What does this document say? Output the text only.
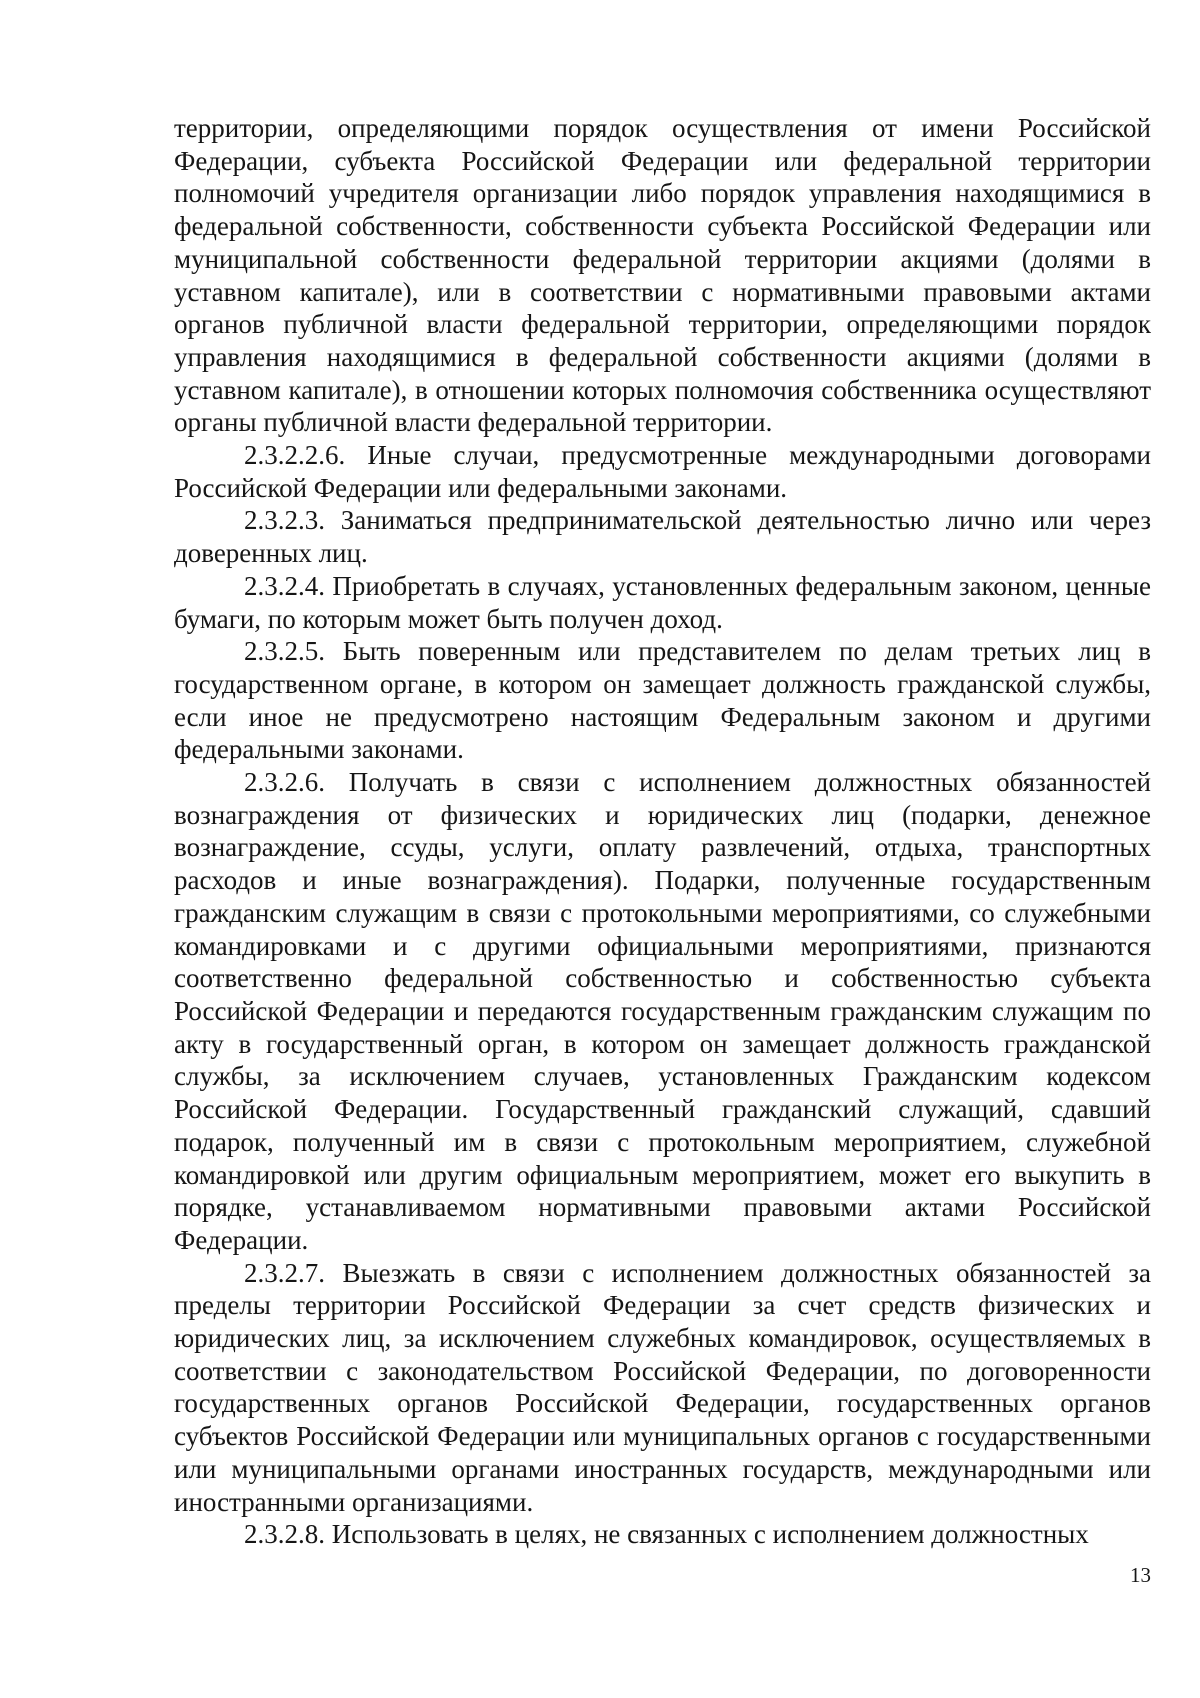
территории, определяющими порядок осуществления от имени Российской Федерации, субъекта Российской Федерации или федеральной территории полномочий учредителя организации либо порядок управления находящимися в федеральной собственности, собственности субъекта Российской Федерации или муниципальной собственности федеральной территории акциями (долями в уставном капитале), или в соответствии с нормативными правовыми актами органов публичной власти федеральной территории, определяющими порядок управления находящимися в федеральной собственности акциями (долями в уставном капитале), в отношении которых полномочия собственника осуществляют органы публичной власти федеральной территории.

2.3.2.2.6. Иные случаи, предусмотренные международными договорами Российской Федерации или федеральными законами.

2.3.2.3. Заниматься предпринимательской деятельностью лично или через доверенных лиц.

2.3.2.4. Приобретать в случаях, установленных федеральным законом, ценные бумаги, по которым может быть получен доход.

2.3.2.5. Быть поверенным или представителем по делам третьих лиц в государственном органе, в котором он замещает должность гражданской службы, если иное не предусмотрено настоящим Федеральным законом и другими федеральными законами.

2.3.2.6. Получать в связи с исполнением должностных обязанностей вознаграждения от физических и юридических лиц (подарки, денежное вознаграждение, ссуды, услуги, оплату развлечений, отдыха, транспортных расходов и иные вознаграждения). Подарки, полученные государственным гражданским служащим в связи с протокольными мероприятиями, со служебными командировками и с другими официальными мероприятиями, признаются соответственно федеральной собственностью и собственностью субъекта Российской Федерации и передаются государственным гражданским служащим по акту в государственный орган, в котором он замещает должность гражданской службы, за исключением случаев, установленных Гражданским кодексом Российской Федерации. Государственный гражданский служащий, сдавший подарок, полученный им в связи с протокольным мероприятием, служебной командировкой или другим официальным мероприятием, может его выкупить в порядке, устанавливаемом нормативными правовыми актами Российской Федерации.

2.3.2.7. Выезжать в связи с исполнением должностных обязанностей за пределы территории Российской Федерации за счет средств физических и юридических лиц, за исключением служебных командировок, осуществляемых в соответствии с законодательством Российской Федерации, по договоренности государственных органов Российской Федерации, государственных органов субъектов Российской Федерации или муниципальных органов с государственными или муниципальными органами иностранных государств, международными или иностранными организациями.

2.3.2.8. Использовать в целях, не связанных с исполнением должностных

13
